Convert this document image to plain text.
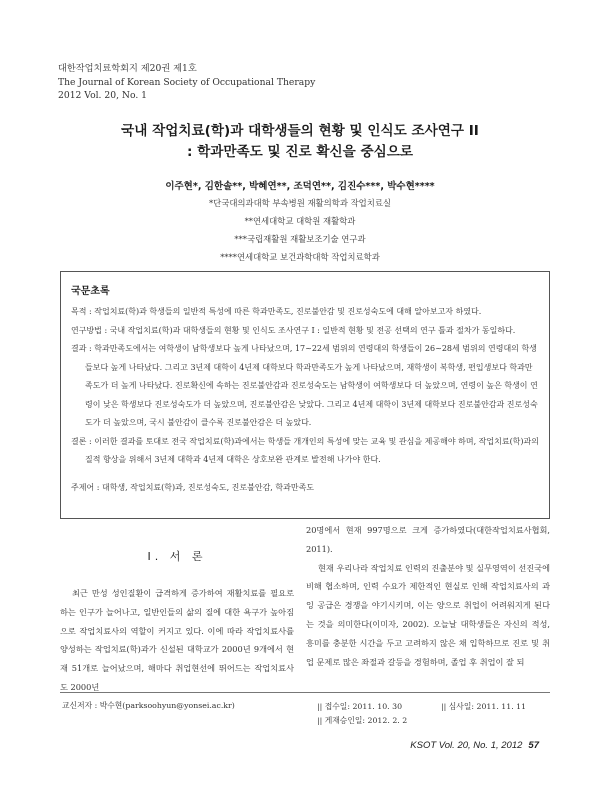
대한작업치료학회지 제20권 제1호
The Journal of Korean Society of Occupational Therapy
2012 Vol. 20, No. 1
국내 작업치료(학)과 대학생들의 현황 및 인식도 조사연구 II
: 학과만족도 및 진로 확신을 중심으로
이주현*, 김한솔**, 박혜연**, 조덕연**, 김진수***, 박수현****
*단국대의과대학 부속병원 재활의학과 작업치료실
**연세대학교 대학원 재활학과
***국립재활원 재활보조기술 연구과
****연세대학교 보건과학대학 작업치료학과
국문초록

목적 : 작업치료(학)과 학생들의 일반적 특성에 따른 학과만족도, 진로불안감 및 진로성숙도에 대해 알아보고자 하였다.

연구방법 : 국내 작업치료(학)과 대학생들의 현황 및 인식도 조사연구 I : 일반적 현황 및 전공 선택의 연구 틀과 절차가 동일하다.

결과 : 학과만족도에서는 여학생이 남학생보다 높게 나타났으며, 17~22세 범위의 연령대의 학생들이 26~28세 범위의 연령대의 학생들보다 높게 나타났다. 그리고 3년제 대학이 4년제 대학보다 학과만족도가 높게 나타났으며, 재학생이 복학생, 편입생보다 학과만족도가 더 높게 나타났다. 진로확신에 속하는 진로불안감과 진로성숙도는 남학생이 여학생보다 더 높았으며, 연령이 높은 학생이 연령이 낮은 학생보다 진로성숙도가 더 높았으며, 진로불안감은 낮았다. 그리고 4년제 대학이 3년제 대학보다 진로불안감과 진로성숙도가 더 높았으며, 국시 불안감이 클수록 진로불안감은 더 높았다.

결론 : 이러한 결과를 토대로 전국 작업치료(학)과에서는 학생들 개개인의 특성에 맞는 교육 및 관심을 제공해야 하며, 작업치료(학)과의 질적 향상을 위해서 3년제 대학과 4년제 대학은 상호보완 관계로 발전해 나가야 한다.

주제어 : 대학생, 작업치료(학)과, 진로성숙도, 진로불안감, 학과만족도
Ⅰ. 서 론

최근 만성 성인질환이 급격하게 증가하여 재활치료를 필요로 하는 인구가 늘어나고, 일반인들의 삶의 질에 대한 욕구가 높아짐으로 작업치료사의 역할이 커지고 있다. 이에 따라 작업치료사를 양성하는 작업치료(학)과가 신설된 대학교가 2000년 9개에서 현재 51개로 늘어났으며, 해마다 취업현선에 뛰어드는 작업치료사도 2000년

20명에서 현재 997명으로 크게 증가하였다(대한작업치료사협회, 2011).

현재 우리나라 작업치료 인력의 진출분야 및 실무영역이 선진국에 비해 협소하며, 인력 수요가 제한적인 현실로 인해 작업치료사의 과잉 공급은 경쟁을 야기시키며, 이는 양으로 취업이 어려워지게 된다는 것을 의미한다(이미자, 2002). 오늘날 대학생들은 자신의 적성, 흥미를 충분한 시간을 두고 고려하지 않은 채 입학하므로 진로 및 취업 문제로 많은 좌절과 갈등을 경험하며, 졸업 후 취업이 잘 되

교신저자 : 박수현(parksoohyun@yonsei.ac.kr)	|| 접수일: 2011. 10. 30	|| 심사일: 2011. 11. 11
|| 게재승인일: 2012. 2. 2
KSOT Vol. 20, No. 1, 2012 57
